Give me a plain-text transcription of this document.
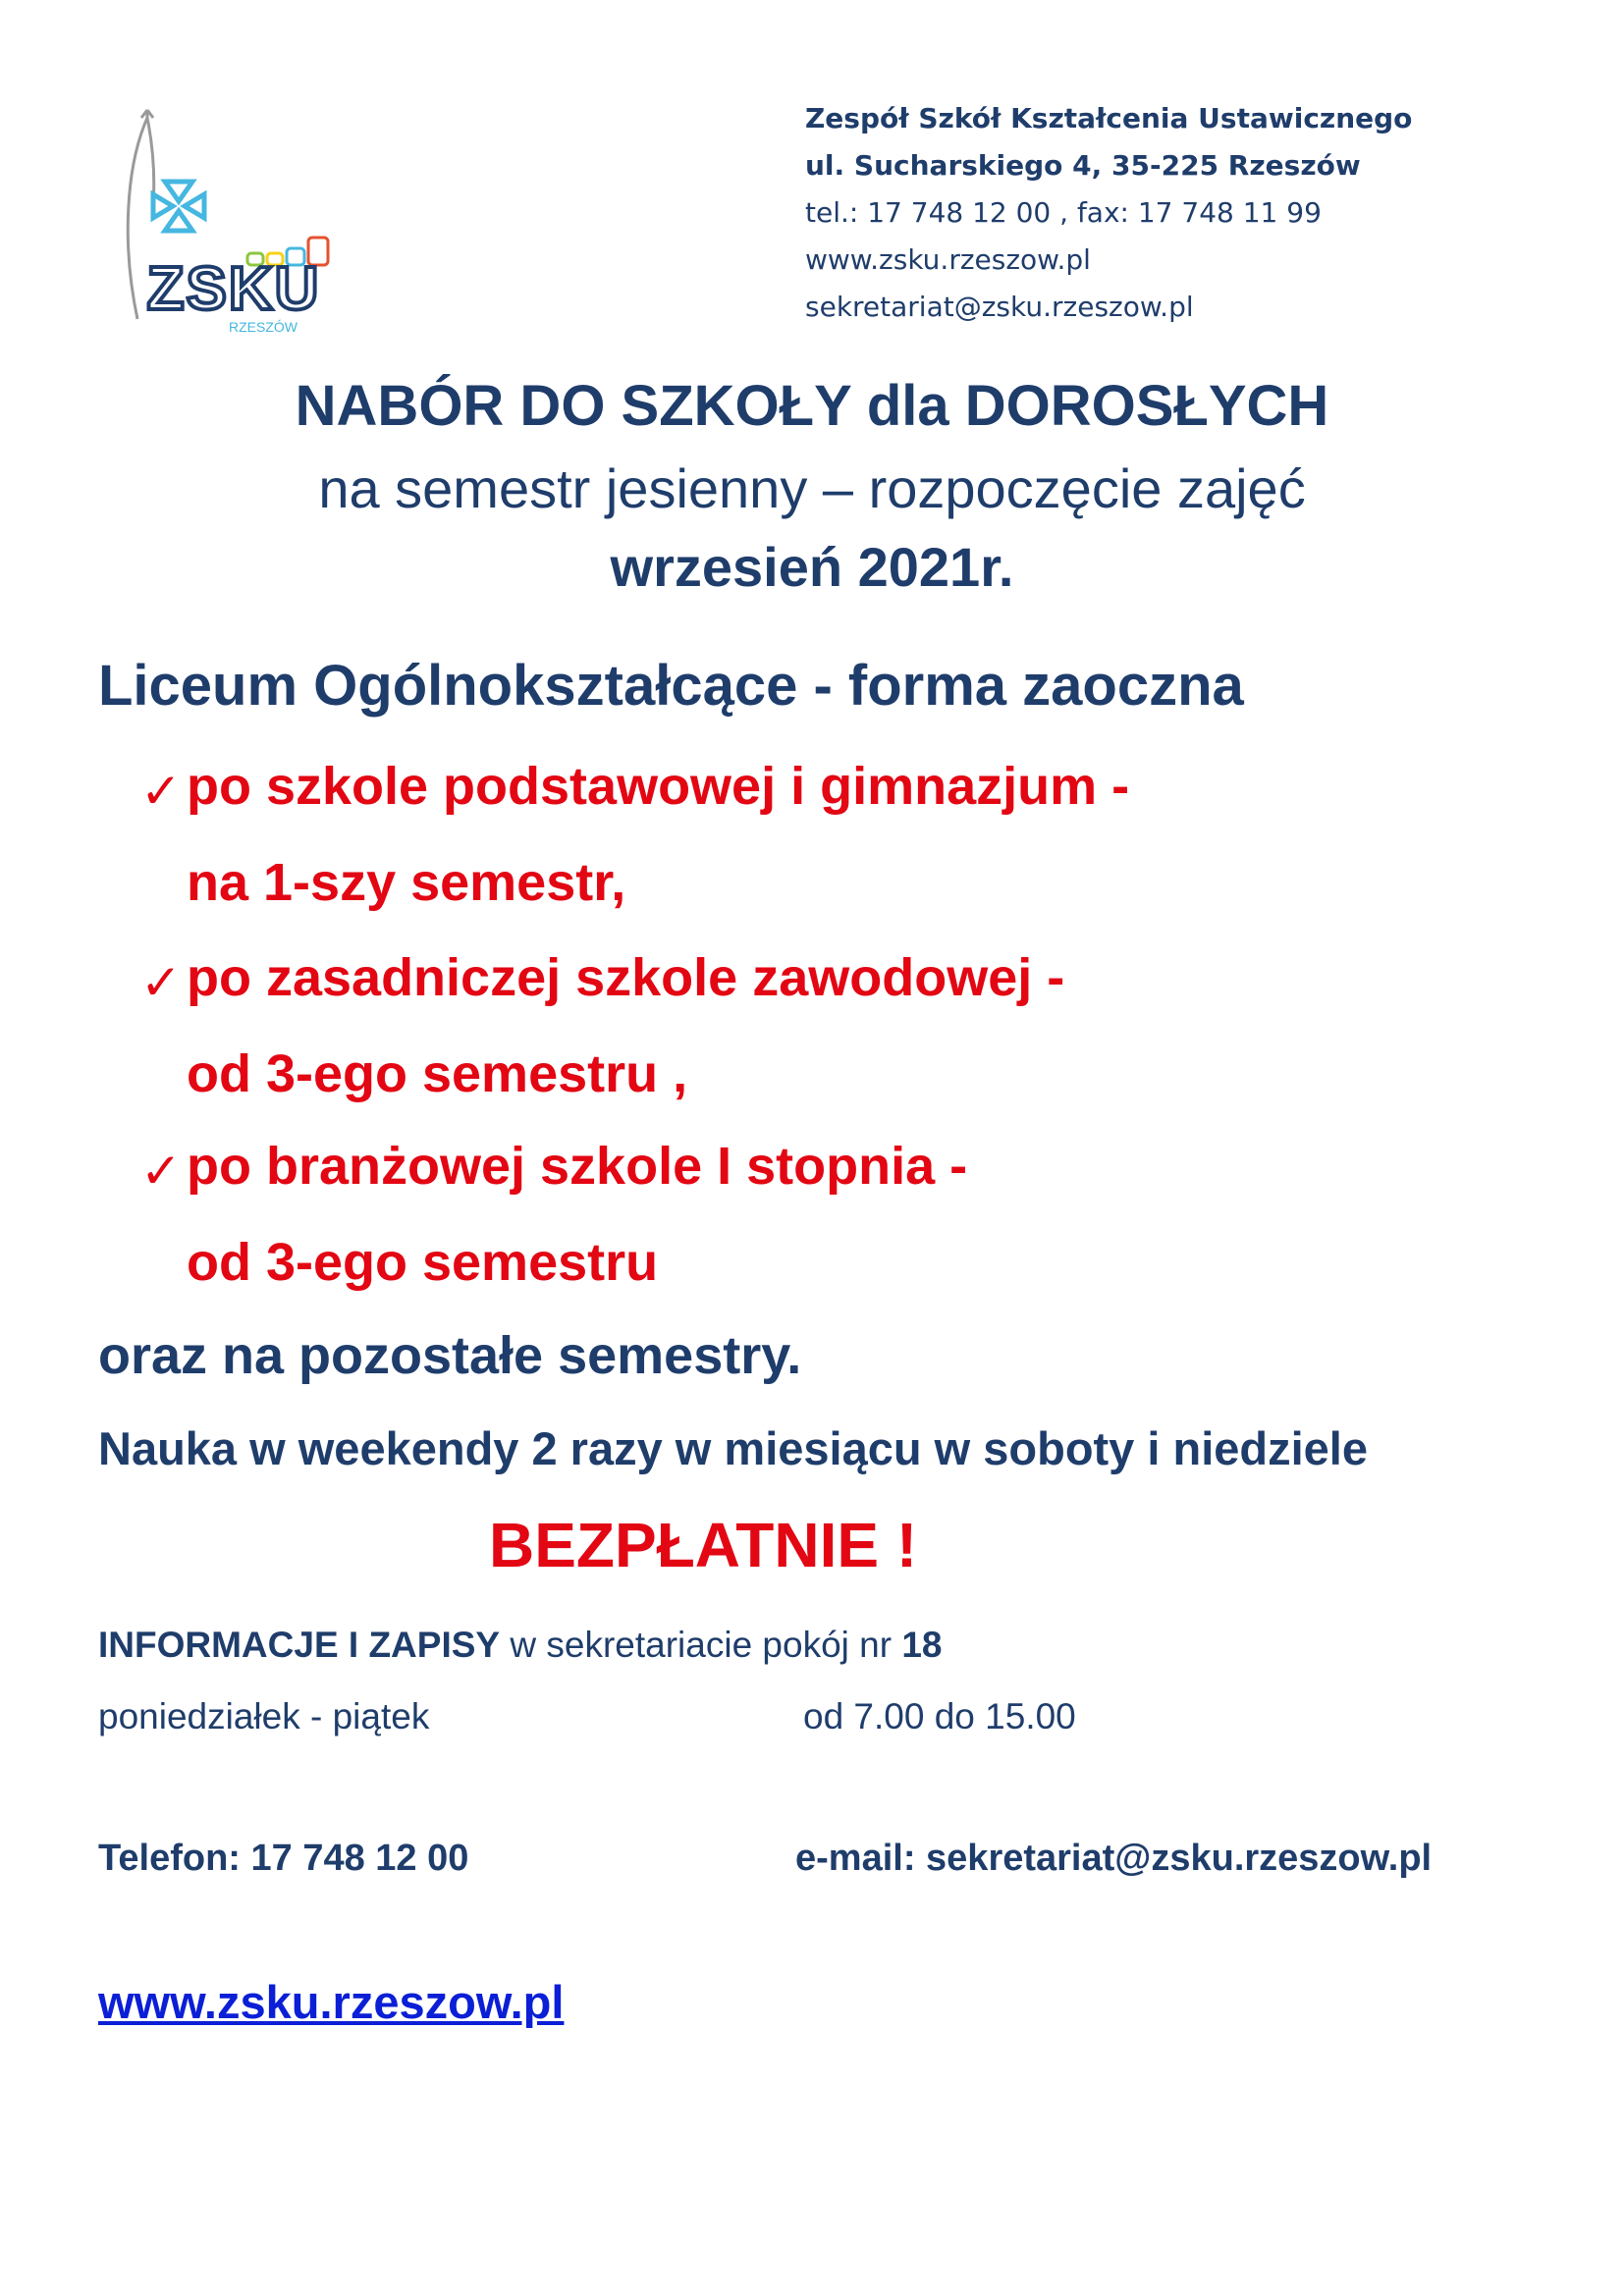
ZSKU
RZESZÓW
Zespół Szkół Kształcenia Ustawicznego
ul. Sucharskiego 4, 35-225 Rzeszów
tel.: 17 748 12 00 , fax: 17 748 11 99
www.zsku.rzeszow.pl
sekretariat@zsku.rzeszow.pl
NABÓR DO SZKOŁY dla DOROSŁYCH
na semestr jesienny – rozpoczęcie zajęć
wrzesień 2021r.
Liceum Ogólnokształcące - forma zaoczna
✓ po szkole podstawowej i gimnazjum -
na 1-szy semestr,
✓ po zasadniczej szkole zawodowej -
od 3-ego semestru ,
✓ po branżowej szkole I stopnia -
od 3-ego semestru
oraz na pozostałe semestry.
Nauka w weekendy 2 razy w miesiącu w soboty i niedziele
BEZPŁATNIE !
INFORMACJE I ZAPISY w sekretariacie pokój nr 18
poniedziałek - piątek	od 7.00 do 15.00
Telefon: 17 748 12 00	e-mail: sekretariat@zsku.rzeszow.pl
www.zsku.rzeszow.pl
